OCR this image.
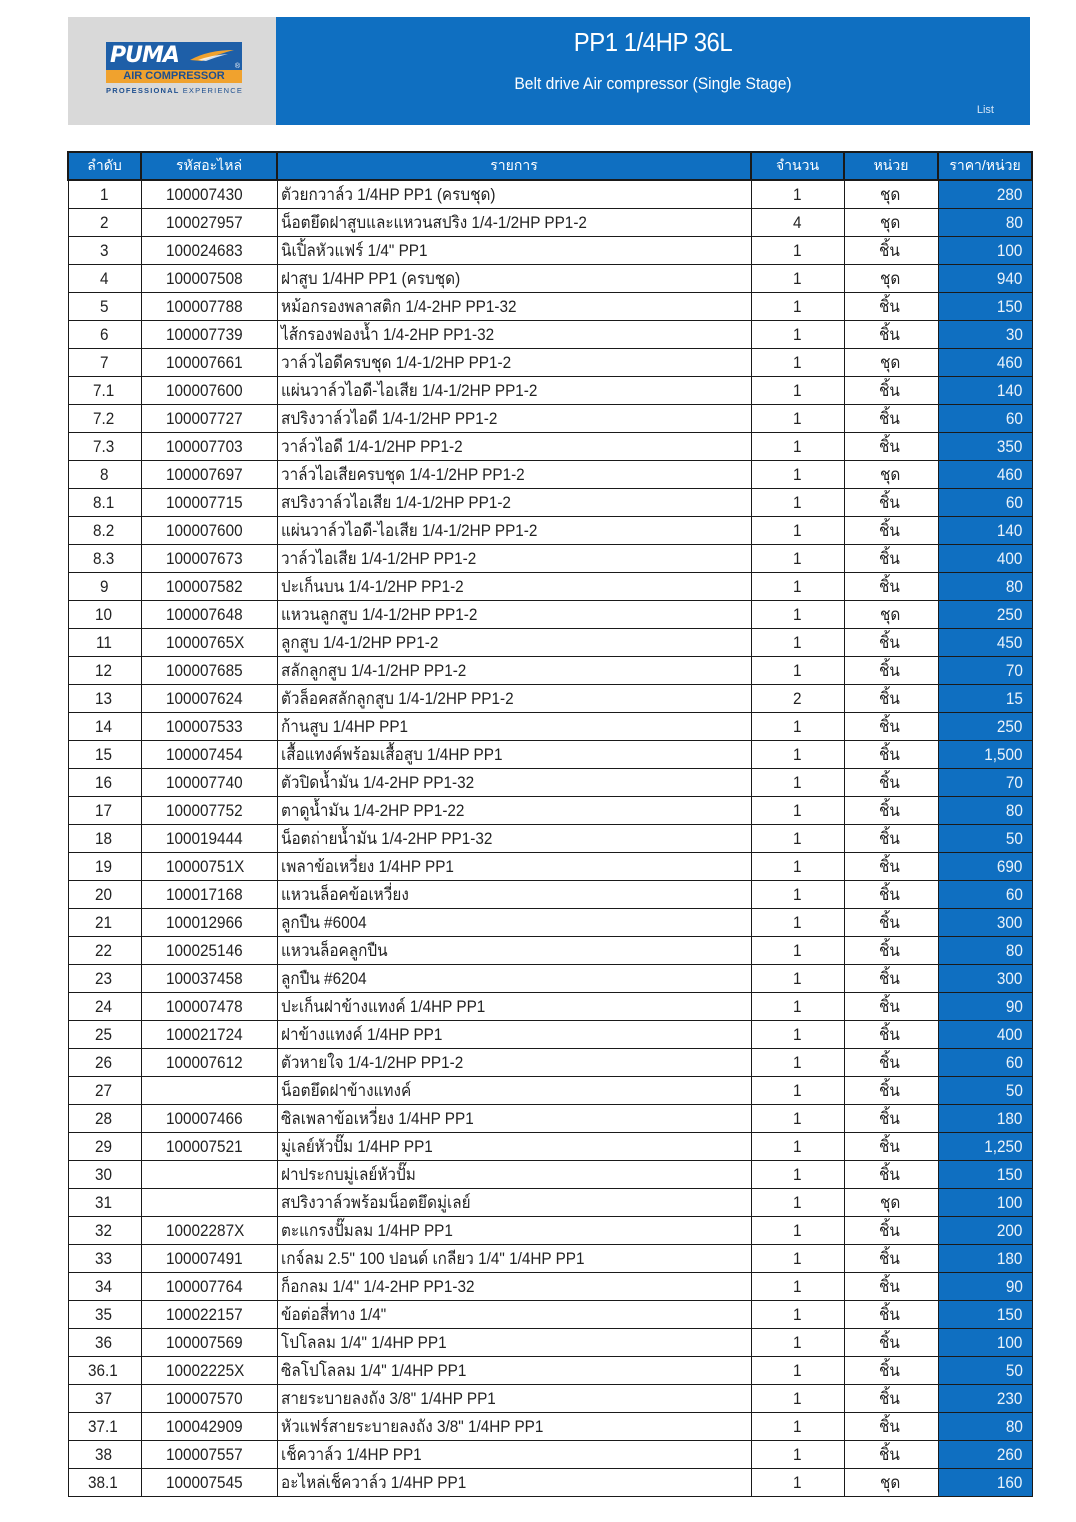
PUMA	®
AIR COMPRESSOR
PROFESSIONAL EXPERIENCE
PP1 1/4HP 36L
Belt drive Air compressor (Single Stage)
List
ลำดับ	รหัสอะไหล่	รายการ	จำนวน	หน่วย	ราคา/หน่วย
1	100007430	ตัวยกวาล์ว 1/4HP PP1 (ครบชุด)	1	ชุด	280
2	100027957	น็อตยึดฝาสูบและแหวนสปริง 1/4-1/2HP PP1-2	4	ชุด	80
3	100024683	นิเปิ้ลหัวแฟร์ 1/4" PP1	1	ชิ้น	100
4	100007508	ฝาสูบ 1/4HP PP1 (ครบชุด)	1	ชุด	940
5	100007788	หม้อกรองพลาสติก 1/4-2HP PP1-32	1	ชิ้น	150
6	100007739	ไส้กรองฟองน้ำ 1/4-2HP PP1-32	1	ชิ้น	30
7	100007661	วาล์วไอดีครบชุด 1/4-1/2HP PP1-2	1	ชุด	460
7.1	100007600	แผ่นวาล์วไอดี-ไอเสีย 1/4-1/2HP PP1-2	1	ชิ้น	140
7.2	100007727	สปริงวาล์วไอดี 1/4-1/2HP PP1-2	1	ชิ้น	60
7.3	100007703	วาล์วไอดี 1/4-1/2HP PP1-2	1	ชิ้น	350
8	100007697	วาล์วไอเสียครบชุด 1/4-1/2HP PP1-2	1	ชุด	460
8.1	100007715	สปริงวาล์วไอเสีย 1/4-1/2HP PP1-2	1	ชิ้น	60
8.2	100007600	แผ่นวาล์วไอดี-ไอเสีย 1/4-1/2HP PP1-2	1	ชิ้น	140
8.3	100007673	วาล์วไอเสีย 1/4-1/2HP PP1-2	1	ชิ้น	400
9	100007582	ปะเก็นบน 1/4-1/2HP PP1-2	1	ชิ้น	80
10	100007648	แหวนลูกสูบ 1/4-1/2HP PP1-2	1	ชุด	250
11	10000765X	ลูกสูบ 1/4-1/2HP PP1-2	1	ชิ้น	450
12	100007685	สลักลูกสูบ 1/4-1/2HP PP1-2	1	ชิ้น	70
13	100007624	ตัวล็อคสลักลูกสูบ 1/4-1/2HP PP1-2	2	ชิ้น	15
14	100007533	ก้านสูบ 1/4HP PP1	1	ชิ้น	250
15	100007454	เสื้อแทงค์พร้อมเสื้อสูบ 1/4HP PP1	1	ชิ้น	1,500
16	100007740	ตัวปิดน้ำมัน 1/4-2HP PP1-32	1	ชิ้น	70
17	100007752	ตาดูน้ำมัน 1/4-2HP PP1-22	1	ชิ้น	80
18	100019444	น็อตถ่ายน้ำมัน 1/4-2HP PP1-32	1	ชิ้น	50
19	10000751X	เพลาข้อเหวี่ยง 1/4HP PP1	1	ชิ้น	690
20	100017168	แหวนล็อคข้อเหวี่ยง	1	ชิ้น	60
21	100012966	ลูกปืน #6004	1	ชิ้น	300
22	100025146	แหวนล็อคลูกปืน	1	ชิ้น	80
23	100037458	ลูกปืน #6204	1	ชิ้น	300
24	100007478	ปะเก็นฝาข้างแทงค์ 1/4HP PP1	1	ชิ้น	90
25	100021724	ฝาข้างแทงค์ 1/4HP PP1	1	ชิ้น	400
26	100007612	ตัวหายใจ 1/4-1/2HP PP1-2	1	ชิ้น	60
27		น็อตยึดฝาข้างแทงค์	1	ชิ้น	50
28	100007466	ซิลเพลาข้อเหวี่ยง 1/4HP PP1	1	ชิ้น	180
29	100007521	มู่เลย์หัวปั๊ม 1/4HP PP1	1	ชิ้น	1,250
30		ฝาประกบมู่เลย์หัวปั๊ม	1	ชิ้น	150
31		สปริงวาล์วพร้อมน็อตยึดมู่เลย์	1	ชุด	100
32	10002287X	ตะแกรงปั๊มลม 1/4HP PP1	1	ชิ้น	200
33	100007491	เกจ์ลม 2.5" 100 ปอนด์ เกลียว 1/4" 1/4HP PP1	1	ชิ้น	180
34	100007764	ก็อกลม 1/4" 1/4-2HP PP1-32	1	ชิ้น	90
35	100022157	ข้อต่อสี่ทาง 1/4"	1	ชิ้น	150
36	100007569	โปโลลม 1/4" 1/4HP PP1	1	ชิ้น	100
36.1	10002225X	ซิลโปโลลม 1/4" 1/4HP PP1	1	ชิ้น	50
37	100007570	สายระบายลงถัง 3/8" 1/4HP PP1	1	ชิ้น	230
37.1	100042909	หัวแฟร์สายระบายลงถัง 3/8" 1/4HP PP1	1	ชิ้น	80
38	100007557	เช็ควาล์ว 1/4HP PP1	1	ชิ้น	260
38.1	100007545	อะไหล่เช็ควาล์ว 1/4HP PP1	1	ชุด	160
